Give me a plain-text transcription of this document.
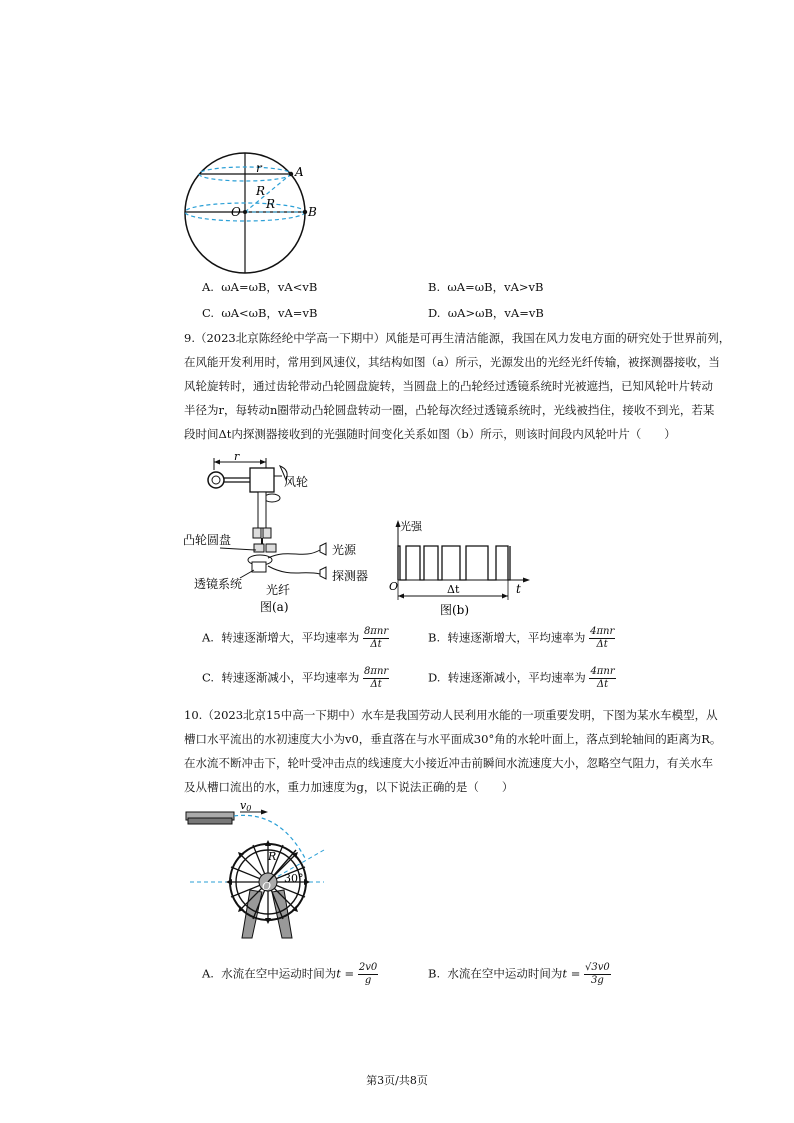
r	A
R
O
R
B
A. ωA=ωB，vA<vB	B. ωA=ωB，vA>vB
C. ωA<ωB，vA=vB	D. ωA>ωB，vA=vB
9.（2023北京陈经纶中学高一下期中）风能是可再生清洁能源，我国在风力发电方面的研究处于世界前列，
在风能开发利用时，常用到风速仪，其结构如图（a）所示，光源发出的光经光纤传输，被探测器接收，当
风轮旋转时，通过齿轮带动凸轮圆盘旋转，当圆盘上的凸轮经过透镜系统时光被遮挡，已知风轮叶片转动
半径为r，每转动n圈带动凸轮圆盘转动一圈，凸轮每次经过透镜系统时，光线被挡住，接收不到光，若某
段时间Δt内探测器接收到的光强随时间变化关系如图（b）所示，则该时间段内风轮叶片（　　）
r
风轮
凸轮圆盘
光源
探测器
透镜系统 光纤
图(a)
光强
O	t
Δt
图(b)
A. 转速逐渐增大，平均速率为 $\frac{\text{8πnr}}{\Delta t}$	B. 转速逐渐增大，平均速率为 $\frac{\text{4πnr}}{\Delta t}$
C. 转速逐渐减小，平均速率为 $\frac{\text{8πnr}}{\Delta t}$	D. 转速逐渐减小，平均速率为 $\frac{\text{4πnr}}{\Delta t}$
10.（2023北京15中高一下期中）水车是我国劳动人民利用水能的一项重要发明，下图为某水车模型，从
槽口水平流出的水初速度大小为v0，垂直落在与水平面成30°角的水轮叶面上，落点到轮轴间的距离为R。
在水流不断冲击下，轮叶受冲击点的线速度大小接近冲击前瞬间水流速度大小，忽略空气阻力，有关水车
及从槽口流出的水，重力加速度为g，以下说法正确的是（　　）
v0
R
O
30°
A. 水流在空中运动时间为$t = \frac{2v0}{g}$	B. 水流在空中运动时间为$t = \frac{√3v0}{3g}$
第3页/共8页
